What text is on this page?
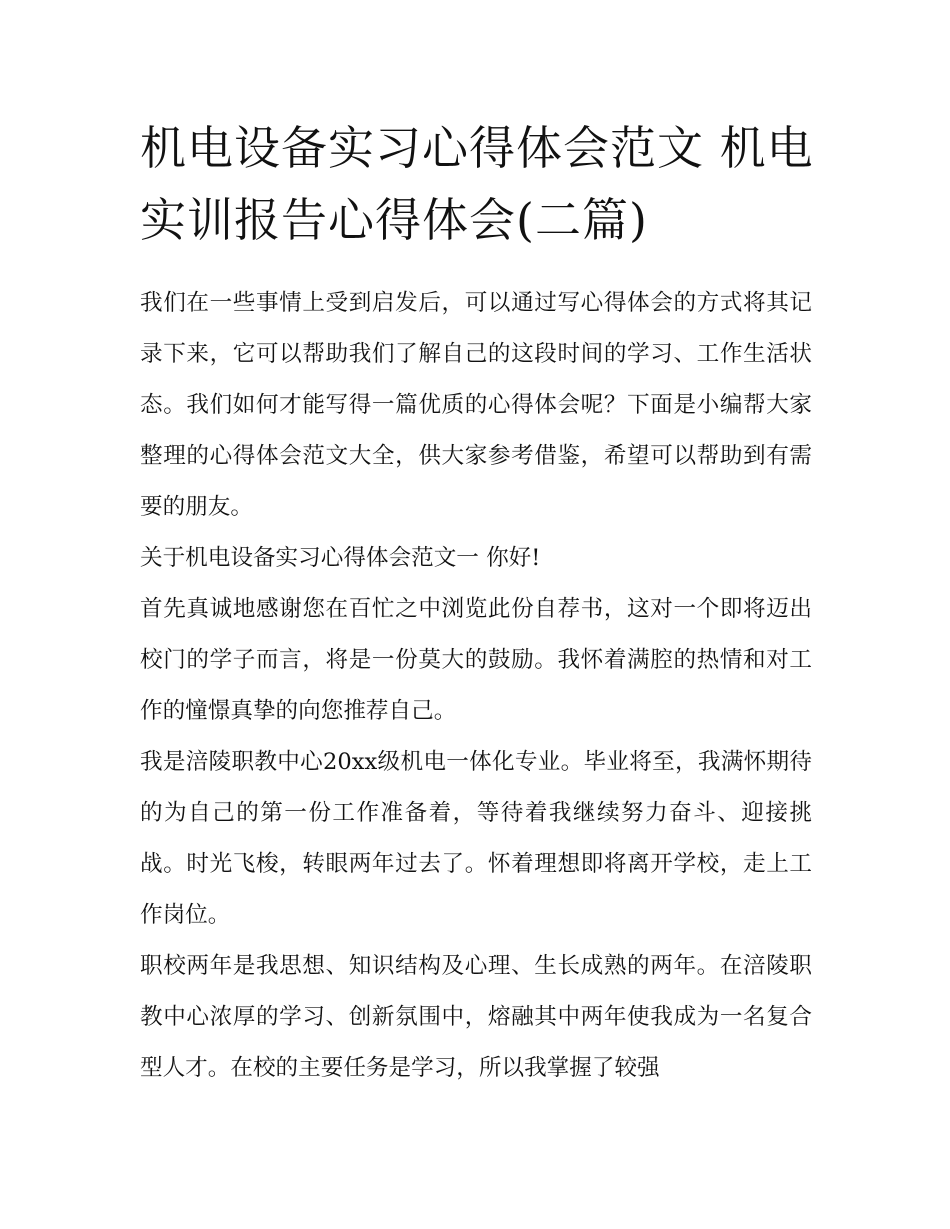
机电设备实习心得体会范文 机电实训报告心得体会(二篇)

我们在一些事情上受到启发后，可以通过写心得体会的方式将其记录下来，它可以帮助我们了解自己的这段时间的学习、工作生活状态。我们如何才能写得一篇优质的心得体会呢？下面是小编帮大家整理的心得体会范文大全，供大家参考借鉴，希望可以帮助到有需要的朋友。

关于机电设备实习心得体会范文一 你好!

首先真诚地感谢您在百忙之中浏览此份自荐书，这对一个即将迈出校门的学子而言，将是一份莫大的鼓励。我怀着满腔的热情和对工作的憧憬真挚的向您推荐自己。

我是涪陵职教中心20xx级机电一体化专业。毕业将至，我满怀期待的为自己的第一份工作准备着，等待着我继续努力奋斗、迎接挑战。时光飞梭，转眼两年过去了。怀着理想即将离开学校，走上工作岗位。

职校两年是我思想、知识结构及心理、生长成熟的两年。在涪陵职教中心浓厚的学习、创新氛围中，熔融其中两年使我成为一名复合型人才。在校的主要任务是学习，所以我掌握了较强
